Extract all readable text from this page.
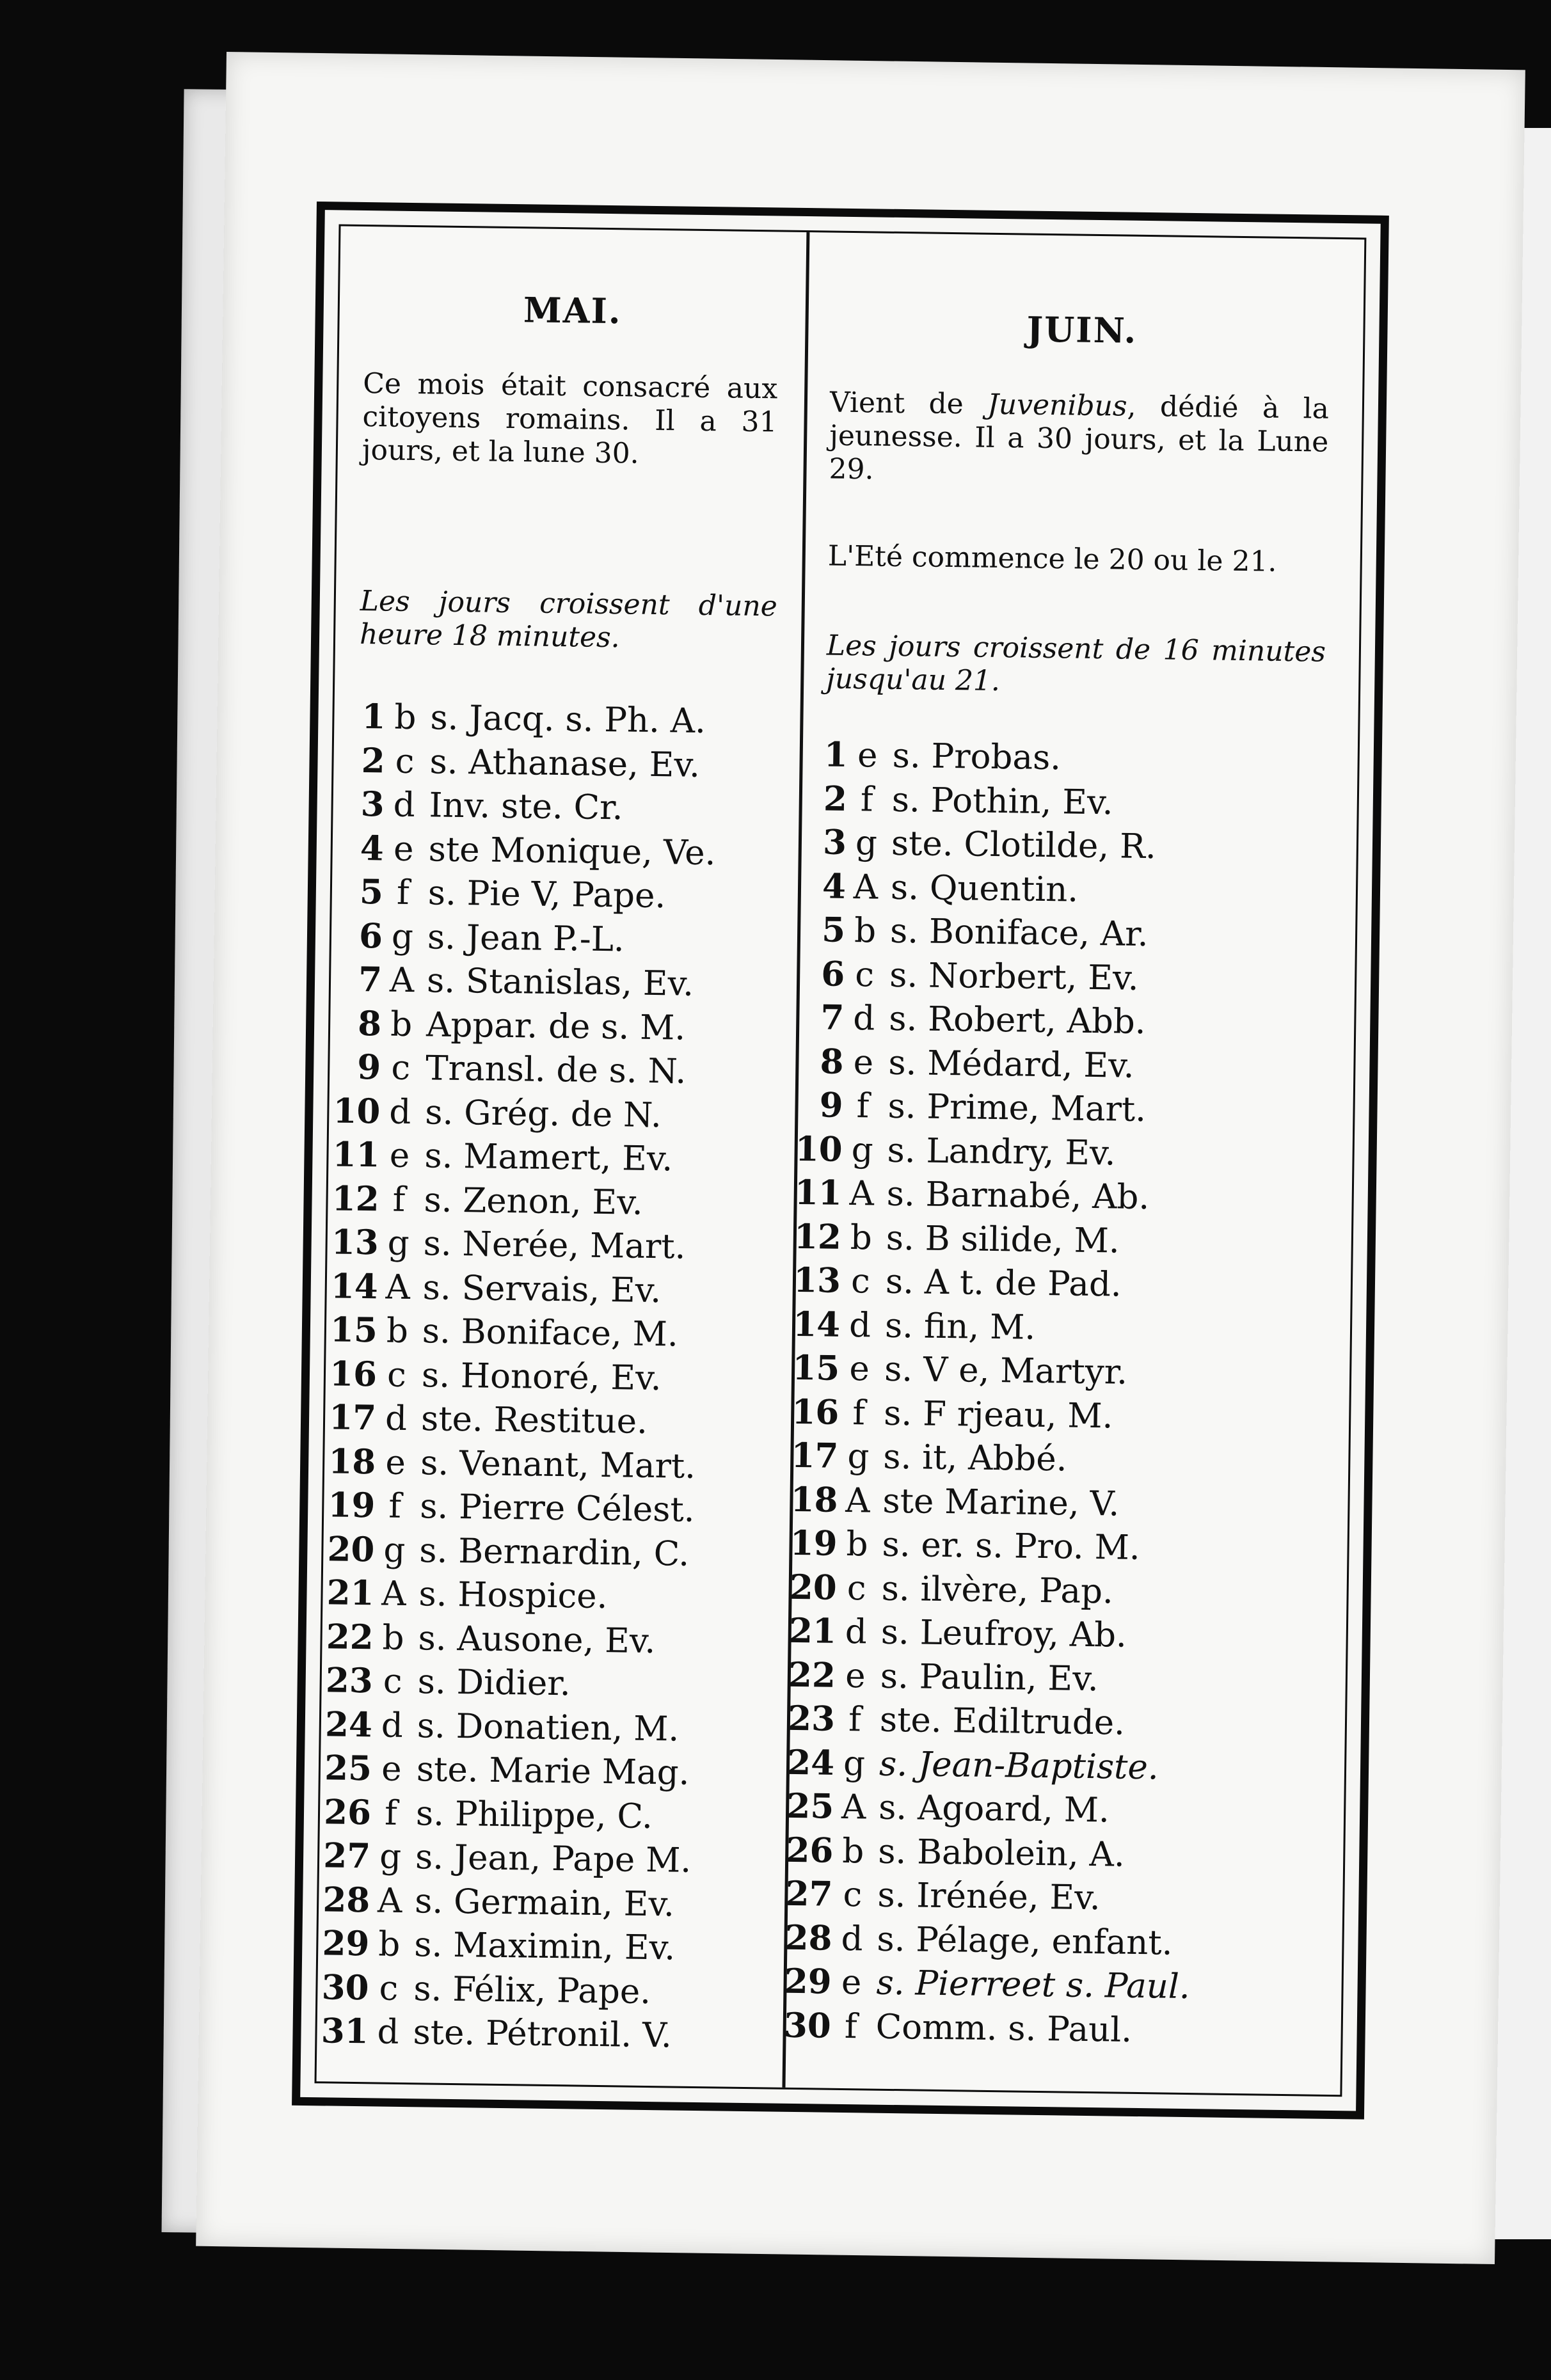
MAI.
Ce mois était consacré aux citoyens romains. Il a 31 jours, et la lune 30.
Les jours croissent d'une heure 18 minutes.
1 b s. Jacq. s. Ph. A.
2 c s. Athanase, Ev.
3 d Inv. ste. Cr.
4 e ste Monique, Ve.
5 f s. Pie V, Pape.
6 g s. Jean P.-L.
7 A s. Stanislas, Ev.
8 b Appar. de s. M.
9 c Transl. de s. N.
10 d s. Grég. de N.
11 e s. Mamert, Ev.
12 f s. Zenon, Ev.
13 g s. Nerée, Mart.
14 A s. Servais, Ev.
15 b s. Boniface, M.
16 c s. Honoré, Ev.
17 d ste. Restitue.
18 e s. Venant, Mart.
19 f s. Pierre Célest.
20 g s. Bernardin, C.
21 A s. Hospice.
22 b s. Ausone, Ev.
23 c s. Didier.
24 d s. Donatien, M.
25 e ste. Marie Mag.
26 f s. Philippe, C.
27 g s. Jean, Pape M.
28 A s. Germain, Ev.
29 b s. Maximin, Ev.
30 c s. Félix, Pape.
31 d ste. Pétronil. V.
JUIN.
Vient de Juvenibus, dédié à la jeunesse. Il a 30 jours, et la Lune 29.
L'Eté commence le 20 ou le 21.
Les jours croissent de 16 minutes jusqu'au 21.
1 e s. Probas.
2 f s. Pothin, Ev.
3 g ste. Clotilde, R.
4 A s. Quentin.
5 b s. Boniface, Ar.
6 c s. Norbert, Ev.
7 d s. Robert, Abb.
8 e s. Médard, Ev.
9 f s. Prime, Mart.
10 g s. Landry, Ev.
11 A s. Barnabé, Ab.
12 b s. B silide, M.
13 c s. A t. de Pad.
14 d s. fin, M.
15 e s. V e, Martyr.
16 f s. F rjeau, M.
17 g s. it, Abbé.
18 A ste Marine, V.
19 b s. er. s. Pro. M.
20 c s. ilvère, Pap.
21 d s. Leufroy, Ab.
22 e s. Paulin, Ev.
23 f ste. Ediltrude.
24 g s. Jean-Baptiste.
25 A s. Agoard, M.
26 b s. Babolein, A.
27 c s. Irénée, Ev.
28 d s. Pélage, enfant.
29 e s. Pierreet s. Paul.
30 f Comm. s. Paul.
